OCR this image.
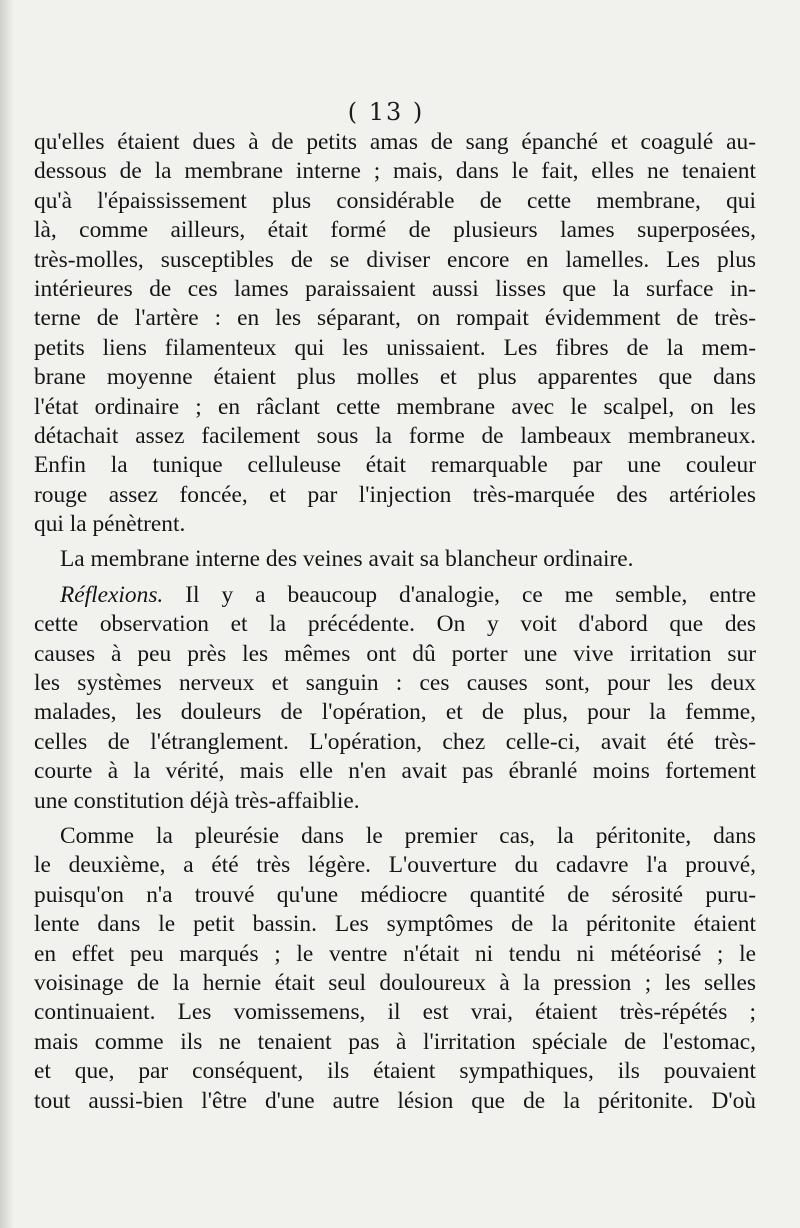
( 13 )
qu'elles étaient dues à de petits amas de sang épanché et coagulé au-
dessous de la membrane interne ; mais, dans le fait, elles ne tenaient
qu'à l'épaississement plus considérable de cette membrane, qui
là, comme ailleurs, était formé de plusieurs lames superposées,
très-molles, susceptibles de se diviser encore en lamelles. Les plus
intérieures de ces lames paraissaient aussi lisses que la surface in-
terne de l'artère : en les séparant, on rompait évidemment de très-
petits liens filamenteux qui les unissaient. Les fibres de la mem-
brane moyenne étaient plus molles et plus apparentes que dans
l'état ordinaire ; en râclant cette membrane avec le scalpel, on les
détachait assez facilement sous la forme de lambeaux membraneux.
Enfin la tunique celluleuse était remarquable par une couleur
rouge assez foncée, et par l'injection très-marquée des artérioles
qui la pénètrent.
La membrane interne des veines avait sa blancheur ordinaire.
Réflexions. Il y a beaucoup d'analogie, ce me semble, entre
cette observation et la précédente. On y voit d'abord que des
causes à peu près les mêmes ont dû porter une vive irritation sur
les systèmes nerveux et sanguin : ces causes sont, pour les deux
malades, les douleurs de l'opération, et de plus, pour la femme,
celles de l'étranglement. L'opération, chez celle-ci, avait été très-
courte à la vérité, mais elle n'en avait pas ébranlé moins fortement
une constitution déjà très-affaiblie.
Comme la pleurésie dans le premier cas, la péritonite, dans
le deuxième, a été très légère. L'ouverture du cadavre l'a prouvé,
puisqu'on n'a trouvé qu'une médiocre quantité de sérosité puru-
lente dans le petit bassin. Les symptômes de la péritonite étaient
en effet peu marqués ; le ventre n'était ni tendu ni météorisé ; le
voisinage de la hernie était seul douloureux à la pression ; les selles
continuaient. Les vomissemens, il est vrai, étaient très-répétés ;
mais comme ils ne tenaient pas à l'irritation spéciale de l'estomac,
et que, par conséquent, ils étaient sympathiques, ils pouvaient
tout aussi-bien l'être d'une autre lésion que de la péritonite. D'où
